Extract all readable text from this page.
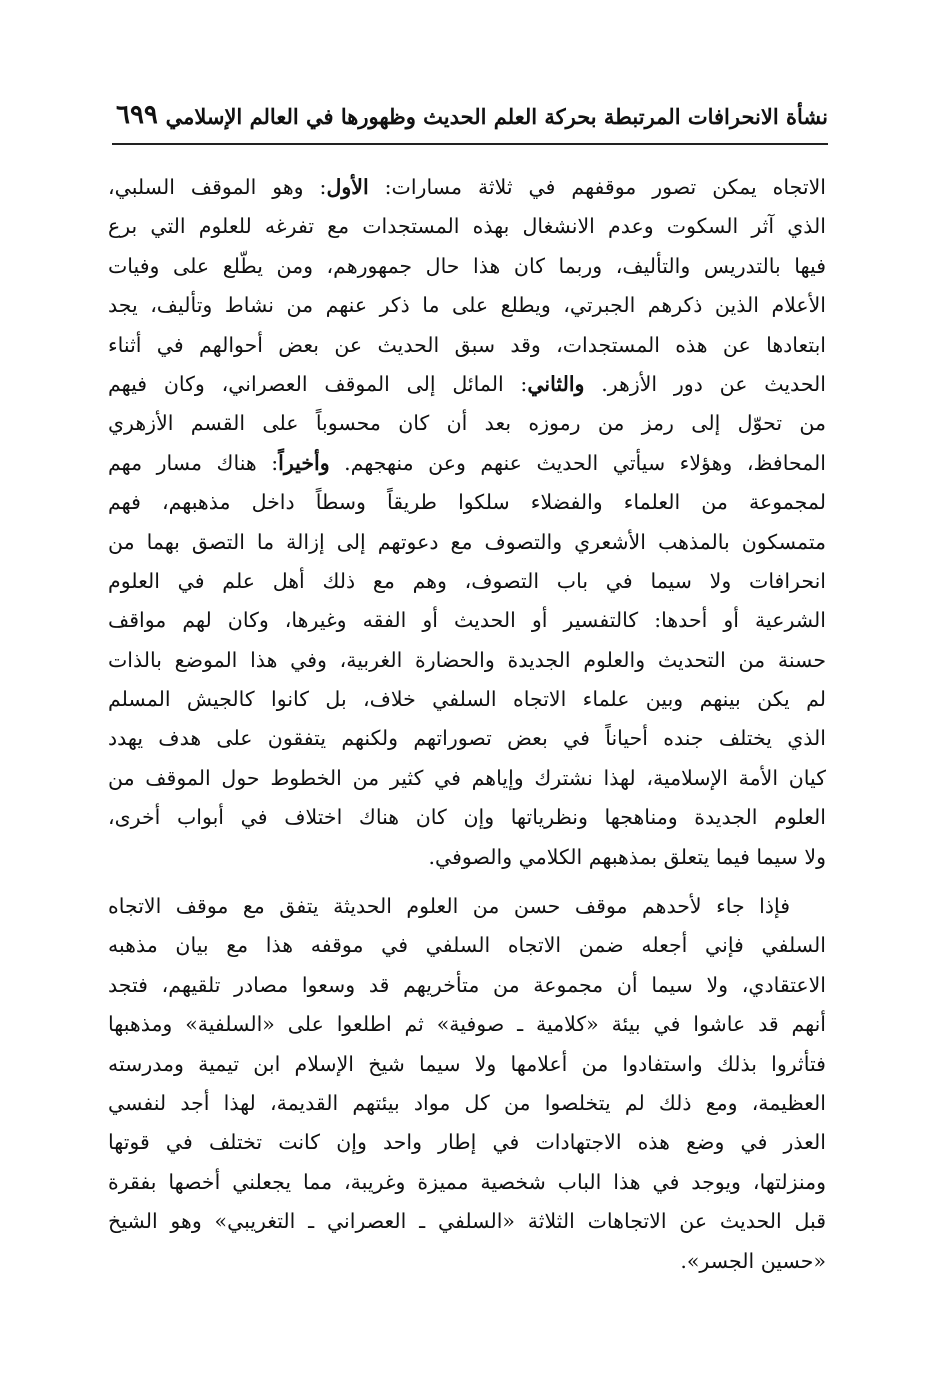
نشأة الانحرافات المرتبطة بحركة العلم الحديث وظهورها في العالم الإسلامي
٦٩٩
الاتجاه يمكن تصور موقفهم في ثلاثة مسارات: الأول: وهو الموقف السلبي،
الذي آثر السكوت وعدم الانشغال بهذه المستجدات مع تفرغه للعلوم التي برع
فيها بالتدريس والتأليف، وربما كان هذا حال جمهورهم، ومن يطّلع على وفيات
الأعلام الذين ذكرهم الجبرتي، ويطلع على ما ذكر عنهم من نشاط وتأليف، يجد
ابتعادها عن هذه المستجدات، وقد سبق الحديث عن بعض أحوالهم في أثناء
الحديث عن دور الأزهر. والثاني: المائل إلى الموقف العصراني، وكان فيهم
من تحوّل إلى رمز من رموزه بعد أن كان محسوباً على القسم الأزهري
المحافظ، وهؤلاء سيأتي الحديث عنهم وعن منهجهم. وأخيراً: هناك مسار مهم
لمجموعة من العلماء والفضلاء سلكوا طريقاً وسطاً داخل مذهبهم، فهم
متمسكون بالمذهب الأشعري والتصوف مع دعوتهم إلى إزالة ما التصق بهما من
انحرافات ولا سيما في باب التصوف، وهم مع ذلك أهل علم في العلوم
الشرعية أو أحدها: كالتفسير أو الحديث أو الفقه وغيرها، وكان لهم مواقف
حسنة من التحديث والعلوم الجديدة والحضارة الغربية، وفي هذا الموضع بالذات
لم يكن بينهم وبين علماء الاتجاه السلفي خلاف، بل كانوا كالجيش المسلم
الذي يختلف جنده أحياناً في بعض تصوراتهم ولكنهم يتفقون على هدف يهدد
كيان الأمة الإسلامية، لهذا نشترك وإياهم في كثير من الخطوط حول الموقف من
العلوم الجديدة ومناهجها ونظرياتها وإن كان هناك اختلاف في أبواب أخرى،
ولا سيما فيما يتعلق بمذهبهم الكلامي والصوفي.
فإذا جاء لأحدهم موقف حسن من العلوم الحديثة يتفق مع موقف الاتجاه
السلفي فإني أجعله ضمن الاتجاه السلفي في موقفه هذا مع بيان مذهبه
الاعتقادي، ولا سيما أن مجموعة من متأخريهم قد وسعوا مصادر تلقيهم، فتجد
أنهم قد عاشوا في بيئة «كلامية ـ صوفية» ثم اطلعوا على «السلفية» ومذهبها
فتأثروا بذلك واستفادوا من أعلامها ولا سيما شيخ الإسلام ابن تيمية ومدرسته
العظيمة، ومع ذلك لم يتخلصوا من كل مواد بيئتهم القديمة، لهذا أجد لنفسي
العذر في وضع هذه الاجتهادات في إطار واحد وإن كانت تختلف في قوتها
ومنزلتها، ويوجد في هذا الباب شخصية مميزة وغريبة، مما يجعلني أخصها بفقرة
قبل الحديث عن الاتجاهات الثلاثة «السلفي ـ العصراني ـ التغريبي» وهو الشيخ
«حسين الجسر».
